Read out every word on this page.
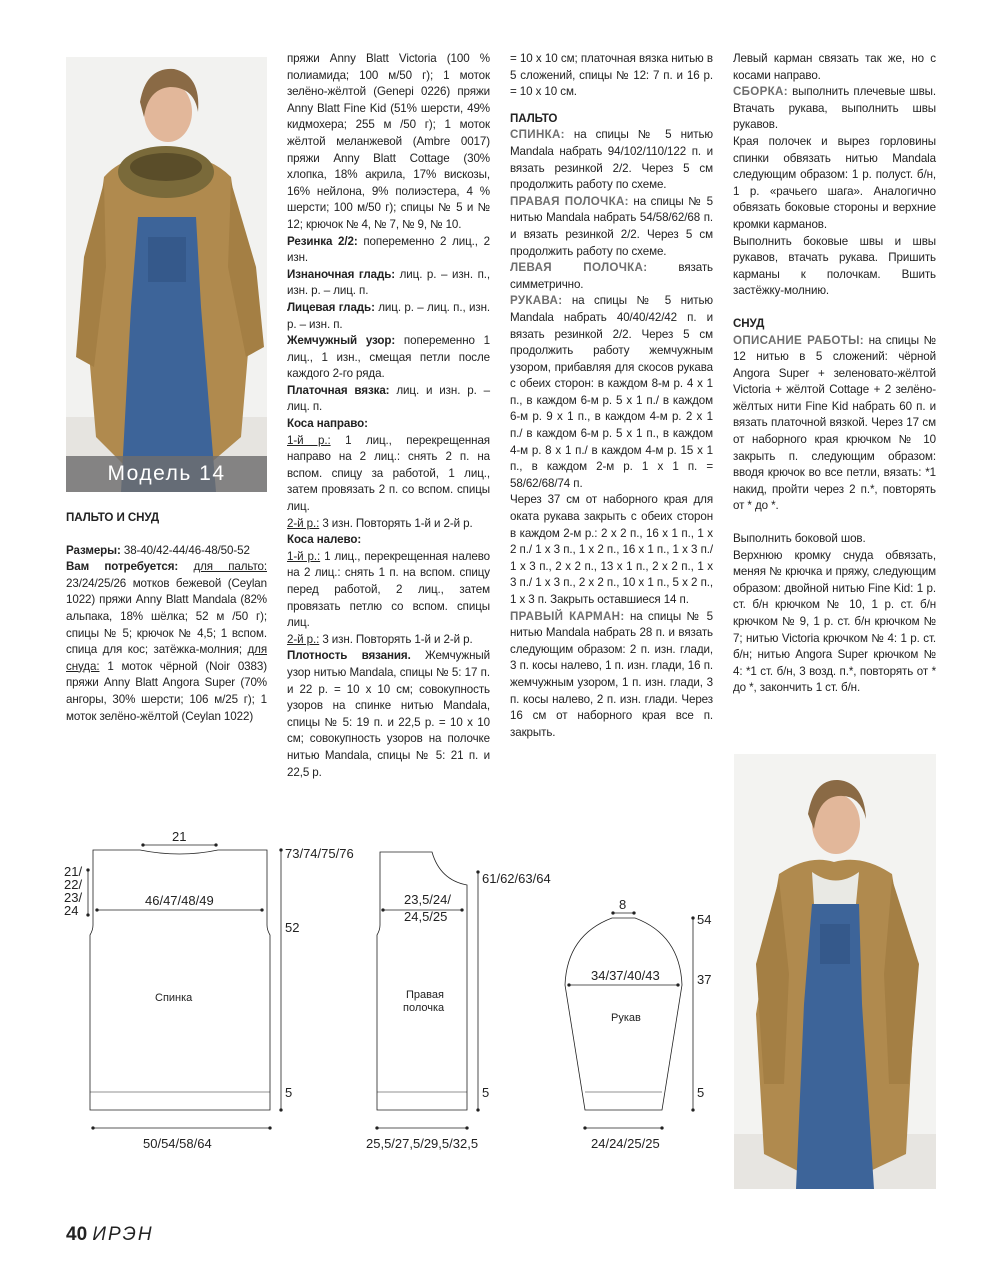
Модель 14

ПАЛЬТО И СНУД

Размеры: 38-40/42-44/46-48/50-52

Вам потребуется: для пальто: 23/24/25/26 мотков бежевой (Ceylan 1022) пряжи Anny Blatt Mandala (82% альпака, 18% шёлка; 52 м /50 г); спицы № 5; крючок № 4,5; 1 вспом. спица для кос; затёжка-молния; для снуда: 1 моток чёрной (Noir 0383) пряжи Anny Blatt Angora Super (70% ангоры, 30% шерсти; 106 м/25 г); 1 моток зелёно-жёлтой (Ceylan 1022)

пряжи Anny Blatt Victoria (100 % полиамида; 100 м/50 г); 1 моток зелёно-жёлтой (Genepi 0226) пряжи Anny Blatt Fine Kid (51% шерсти, 49% кидмохера; 255 м /50 г); 1 моток жёлтой меланжевой (Ambre 0017) пряжи Anny Blatt Cottage (30% хлопка, 18% акрила, 17% вискозы, 16% нейлона, 9% полиэстера, 4 % шерсти; 100 м/50 г); спицы № 5 и № 12; крючок № 4, № 7, № 9, № 10.

Резинка 2/2: попеременно 2 лиц., 2 изн.

Изнаночная гладь: лиц. р. – изн. п., изн. р. – лиц. п.

Лицевая гладь: лиц. р. – лиц. п., изн. р. – изн. п.

Жемчужный узор: попеременно 1 лиц., 1 изн., смещая петли после каждого 2-го ряда.

Платочная вязка: лиц. и изн. р. – лиц. п.

Коса направо:

1-й р.: 1 лиц., перекрещенная направо на 2 лиц.: снять 2 п. на вспом. спицу за работой, 1 лиц., затем провязать 2 п. со вспом. спицы лиц.

2-й р.: 3 изн. Повторять 1-й и 2-й р.

Коса налево:

1-й р.: 1 лиц., перекрещенная налево на 2 лиц.: снять 1 п. на вспом. спицу перед работой, 2 лиц., затем провязать петлю со вспом. спицы лиц.

2-й р.: 3 изн. Повторять 1-й и 2-й р.

Плотность вязания. Жемчужный узор нитью Mandala, спицы № 5: 17 п. и 22 р. = 10 х 10 см; совокупность узоров на спинке нитью Mandala, спицы № 5: 19 п. и 22,5 р. = 10 х 10 см; совокупность узоров на полочке нитью Mandala, спицы № 5: 21 п. и 22,5 р.

= 10 х 10 см; платочная вязка нитью в 5 сложений, спицы № 12: 7 п. и 16 р. = 10 х 10 см.

ПАЛЬТО

СПИНКА: на спицы № 5 нитью Mandala набрать 94/102/110/122 п. и вязать резинкой 2/2. Через 5 см продолжить работу по схеме.

ПРАВАЯ ПОЛОЧКА: на спицы № 5 нитью Mandala набрать 54/58/62/68 п. и вязать резинкой 2/2. Через 5 см продолжить работу по схеме.

ЛЕВАЯ ПОЛОЧКА: вязать симметрично.

РУКАВА: на спицы № 5 нитью Mandala набрать 40/40/42/42 п. и вязать резинкой 2/2. Через 5 см продолжить работу жемчужным узором, прибавляя для скосов рукава с обеих сторон: в каждом 8-м р. 4 х 1 п., в каждом 6-м р. 5 х 1 п./ в каждом 6-м р. 9 х 1 п., в каждом 4-м р. 2 х 1 п./ в каждом 6-м р. 5 х 1 п., в каждом 4-м р. 8 х 1 п./ в каждом 4-м р. 15 х 1 п., в каждом 2-м р. 1 х 1 п. = 58/62/68/74 п.

Через 37 см от наборного края для оката рукава закрыть с обеих сторон в каждом 2-м р.: 2 х 2 п., 16 х 1 п., 1 х 2 п./ 1 х 3 п., 1 х 2 п., 16 х 1 п., 1 х 3 п./ 1 х 3 п., 2 х 2 п., 13 х 1 п., 2 х 2 п., 1 х 3 п./ 1 х 3 п., 2 х 2 п., 10 х 1 п., 5 х 2 п., 1 х 3 п. Закрыть оставшиеся 14 п.

ПРАВЫЙ КАРМАН: на спицы № 5 нитью Mandala набрать 28 п. и вязать следующим образом: 2 п. изн. глади, 3 п. косы налево, 1 п. изн. глади, 16 п. жемчужным узором, 1 п. изн. глади, 3 п. косы налево, 2 п. изн. глади. Через 16 см от наборного края все п. закрыть.

Левый карман связать так же, но с косами направо.

СБОРКА: выполнить плечевые швы. Втачать рукава, выполнить швы рукавов.

Края полочек и вырез горловины спинки обвязать нитью Mandala следующим образом: 1 р. полуст. б/н, 1 р. «рачьего шага». Аналогично обвязать боковые стороны и верхние кромки карманов.

Выполнить боковые швы и швы рукавов, втачать рукава. Пришить карманы к полочкам. Вшить застёжку-молнию.

СНУД

ОПИСАНИЕ РАБОТЫ: на спицы № 12 нитью в 5 сложений: чёрной Angora Super + зеленовато-жёлтой Victoria + жёлтой Cottage + 2 зелёно-жёлтых нити Fine Kid набрать 60 п. и вязать платочной вязкой. Через 17 см от наборного края крючком № 10 закрыть п. следующим образом: вводя крючок во все петли, вязать: *1 накид, пройти через 2 п.*, повторять от * до *.

Выполнить боковой шов.

Верхнюю кромку снуда обвязать, меняя № крючка и пряжу, следующим образом: двойной нитью Fine Kid: 1 р. ст. б/н крючком № 10, 1 р. ст. б/н крючком № 9, 1 р. ст. б/н крючком № 7; нитью Victoria крючком № 4: 1 р. ст. б/н; нитью Angora Super крючком № 4: *1 ст. б/н, 3 возд. п.*, повторять от * до *, закончить 1 ст. б/н.

21
73/74/75/76
21/
22/
23/
24
46/47/48/49
52
Спинка
5
50/54/58/64
61/62/63/64
23,5/24/
24,5/25
Правая
полочка
5
25,5/27,5/29,5/32,5
8
54
34/37/40/43	37
Рукав
5
24/24/25/25
40 ИРЭН
